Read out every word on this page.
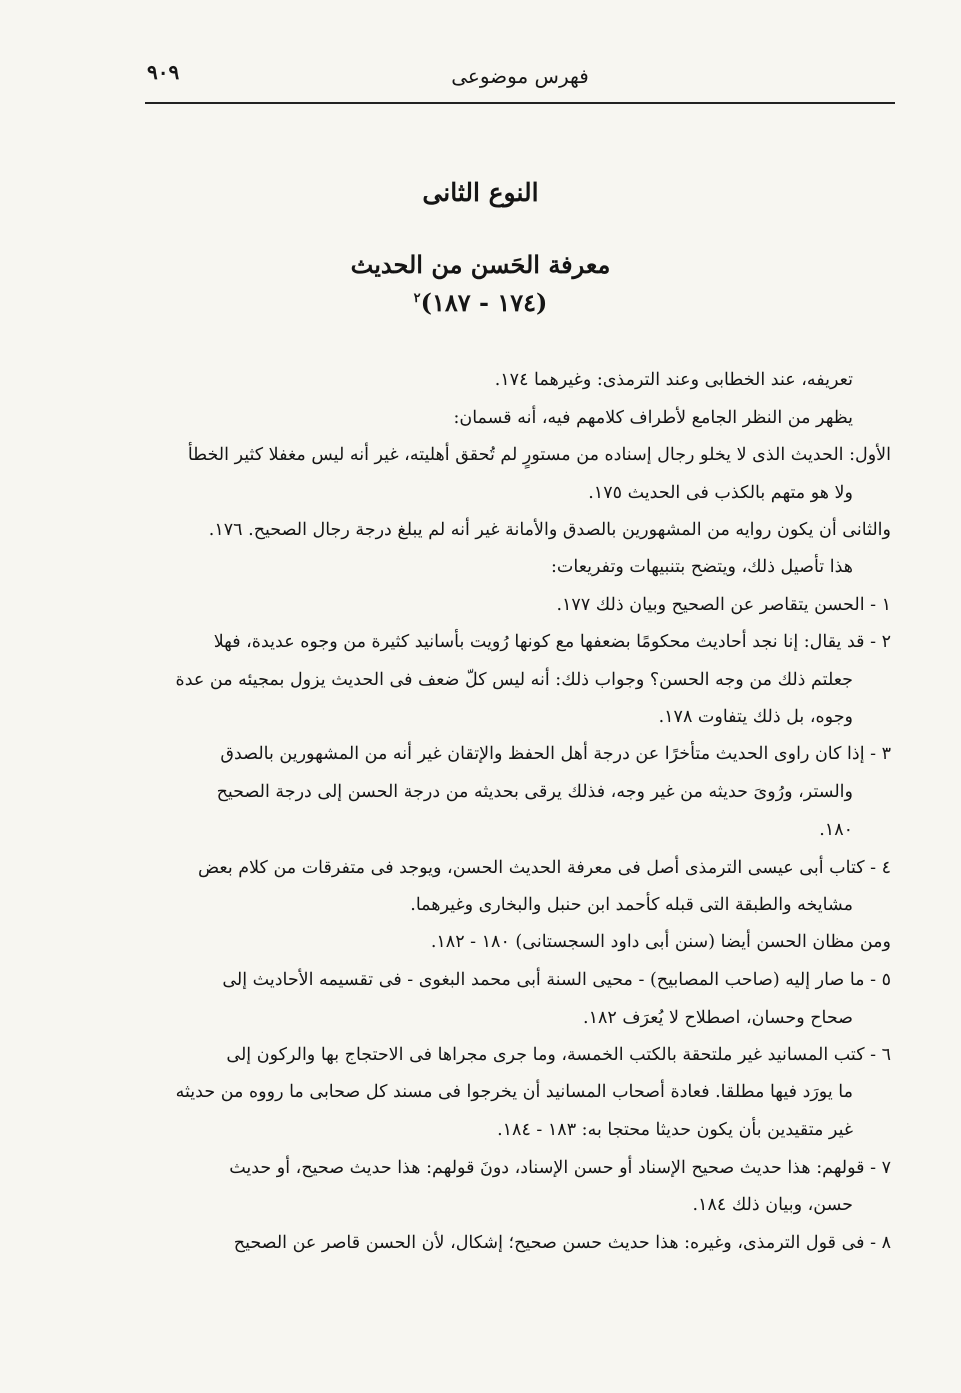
فهرس موضوعى
٩٠٩
النوع الثانى
معرفة الحَسن من الحديث
(١٧٤ - ١٨٧)$^٢$
تعريفه، عند الخطابى وعند الترمذى: وغيرهما ١٧٤.
يظهر من النظر الجامع لأطراف كلامهم فيه، أنه قسمان:
الأول: الحديث الذى لا يخلو رجال إسناده من مستورٍ لم تُحقق أهليته، غير أنه ليس مغفلا كثير الخطأ
ولا هو متهم بالكذب فى الحديث ١٧٥.
والثانى أن يكون روايه من المشهورين بالصدق والأمانة غير أنه لم يبلغ درجة رجال الصحيح. ١٧٦.
هذا تأصيل ذلك، ويتضح بتنبيهات وتفريعات:
١ - الحسن يتقاصر عن الصحيح وبيان ذلك ١٧٧.
٢ - قد يقال: إنا نجد أحاديث محكومًا بضعفها مع كونها رُويت بأسانيد كثيرة من وجوه عديدة، فهلا
جعلتم ذلك من وجه الحسن؟ وجواب ذلك: أنه ليس كلّ ضعف فى الحديث يزول بمجيئه من عدة
وجوه، بل ذلك يتفاوت ١٧٨.
٣ - إذا كان راوى الحديث متأخرًا عن درجة أهل الحفظ والإتقان غير أنه من المشهورين بالصدق
والستر، ورُوىَ حديثه من غير وجه، فذلك يرقى بحديثه من درجة الحسن إلى درجة الصحيح
١٨٠.
٤ - كتاب أبى عيسى الترمذى أصل فى معرفة الحديث الحسن، ويوجد فى متفرقات من كلام بعض
مشايخه والطبقة التى قبله كأحمد ابن حنبل والبخارى وغيرهما.
ومن مظان الحسن أيضا (سنن أبى داود السجستانى) ١٨٠ - ١٨٢.
٥ - ما صار إليه (صاحب المصابيح) - محيى السنة أبى محمد البغوى - فى تقسيمه الأحاديث إلى
صحاح وحسان، اصطلاح لا يُعرَف ١٨٢.
٦ - كتب المسانيد غير ملتحقة بالكتب الخمسة، وما جرى مجراها فى الاحتجاج بها والركون إلى
ما يورَد فيها مطلقا. فعادة أصحاب المسانيد أن يخرجوا فى مسند كل صحابى ما رووه من حديثه
غير متقيدين بأن يكون حديثا محتجا به: ١٨٣ - ١٨٤.
٧ - قولهم: هذا حديث صحيح الإسناد أو حسن الإسناد، دونَ قولهم: هذا حديث صحيح، أو حديث
حسن، وبيان ذلك ١٨٤.
٨ - فى قول الترمذى، وغيره: هذا حديث حسن صحيح؛ إشكال، لأن الحسن قاصر عن الصحيح
